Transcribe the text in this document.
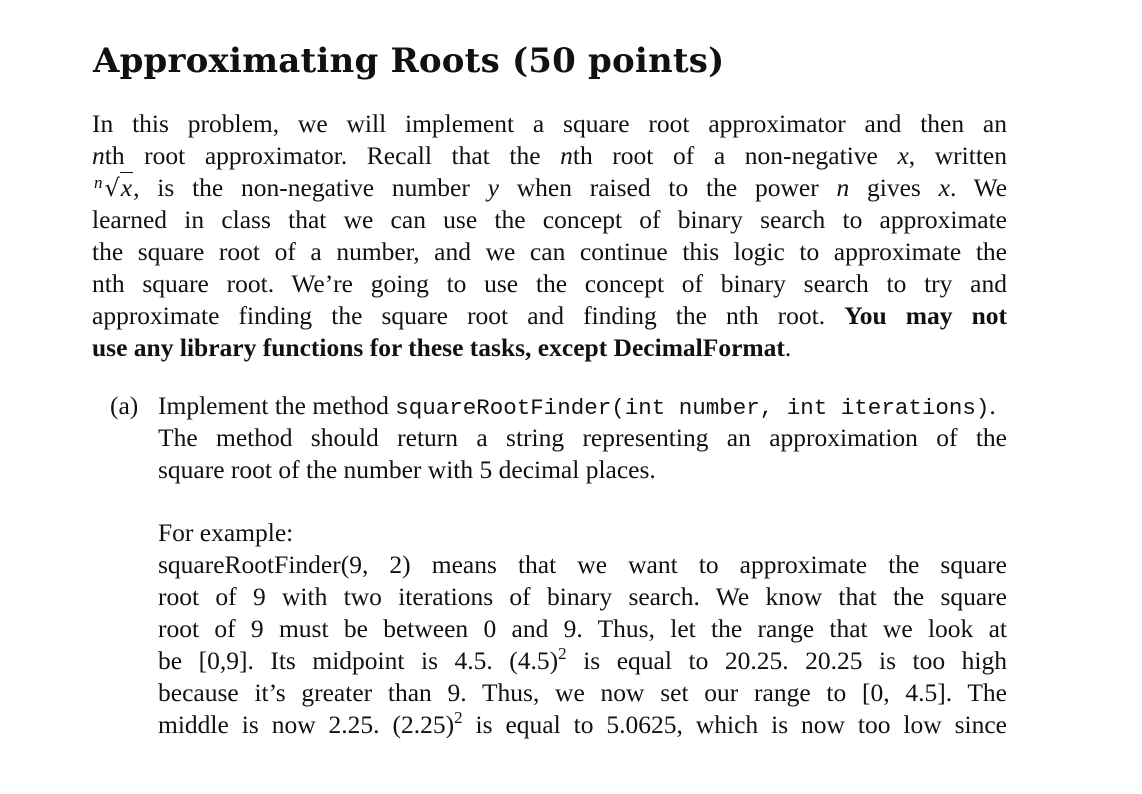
Approximating Roots (50 points)
In this problem, we will implement a square root approximator and then an
nth root approximator. Recall that the nth root of a non-negative x, written
$^n$√x, is the non-negative number y when raised to the power n gives x. We
learned in class that we can use the concept of binary search to approximate
the square root of a number, and we can continue this logic to approximate the
nth square root. We’re going to use the concept of binary search to try and
approximate finding the square root and finding the nth root. You may not
use any library functions for these tasks, except DecimalFormat.
(a) Implement the method squareRootFinder(int number, int iterations).
The method should return a string representing an approximation of the
square root of the number with 5 decimal places.
For example:
squareRootFinder(9, 2) means that we want to approximate the square
root of 9 with two iterations of binary search. We know that the square
root of 9 must be between 0 and 9. Thus, let the range that we look at
be [0,9]. Its midpoint is 4.5. $(4.5)^2$ is equal to 20.25. 20.25 is too high
because it’s greater than 9. Thus, we now set our range to [0, 4.5]. The
middle is now 2.25. $(2.25)^2$ is equal to 5.0625, which is now too low since
